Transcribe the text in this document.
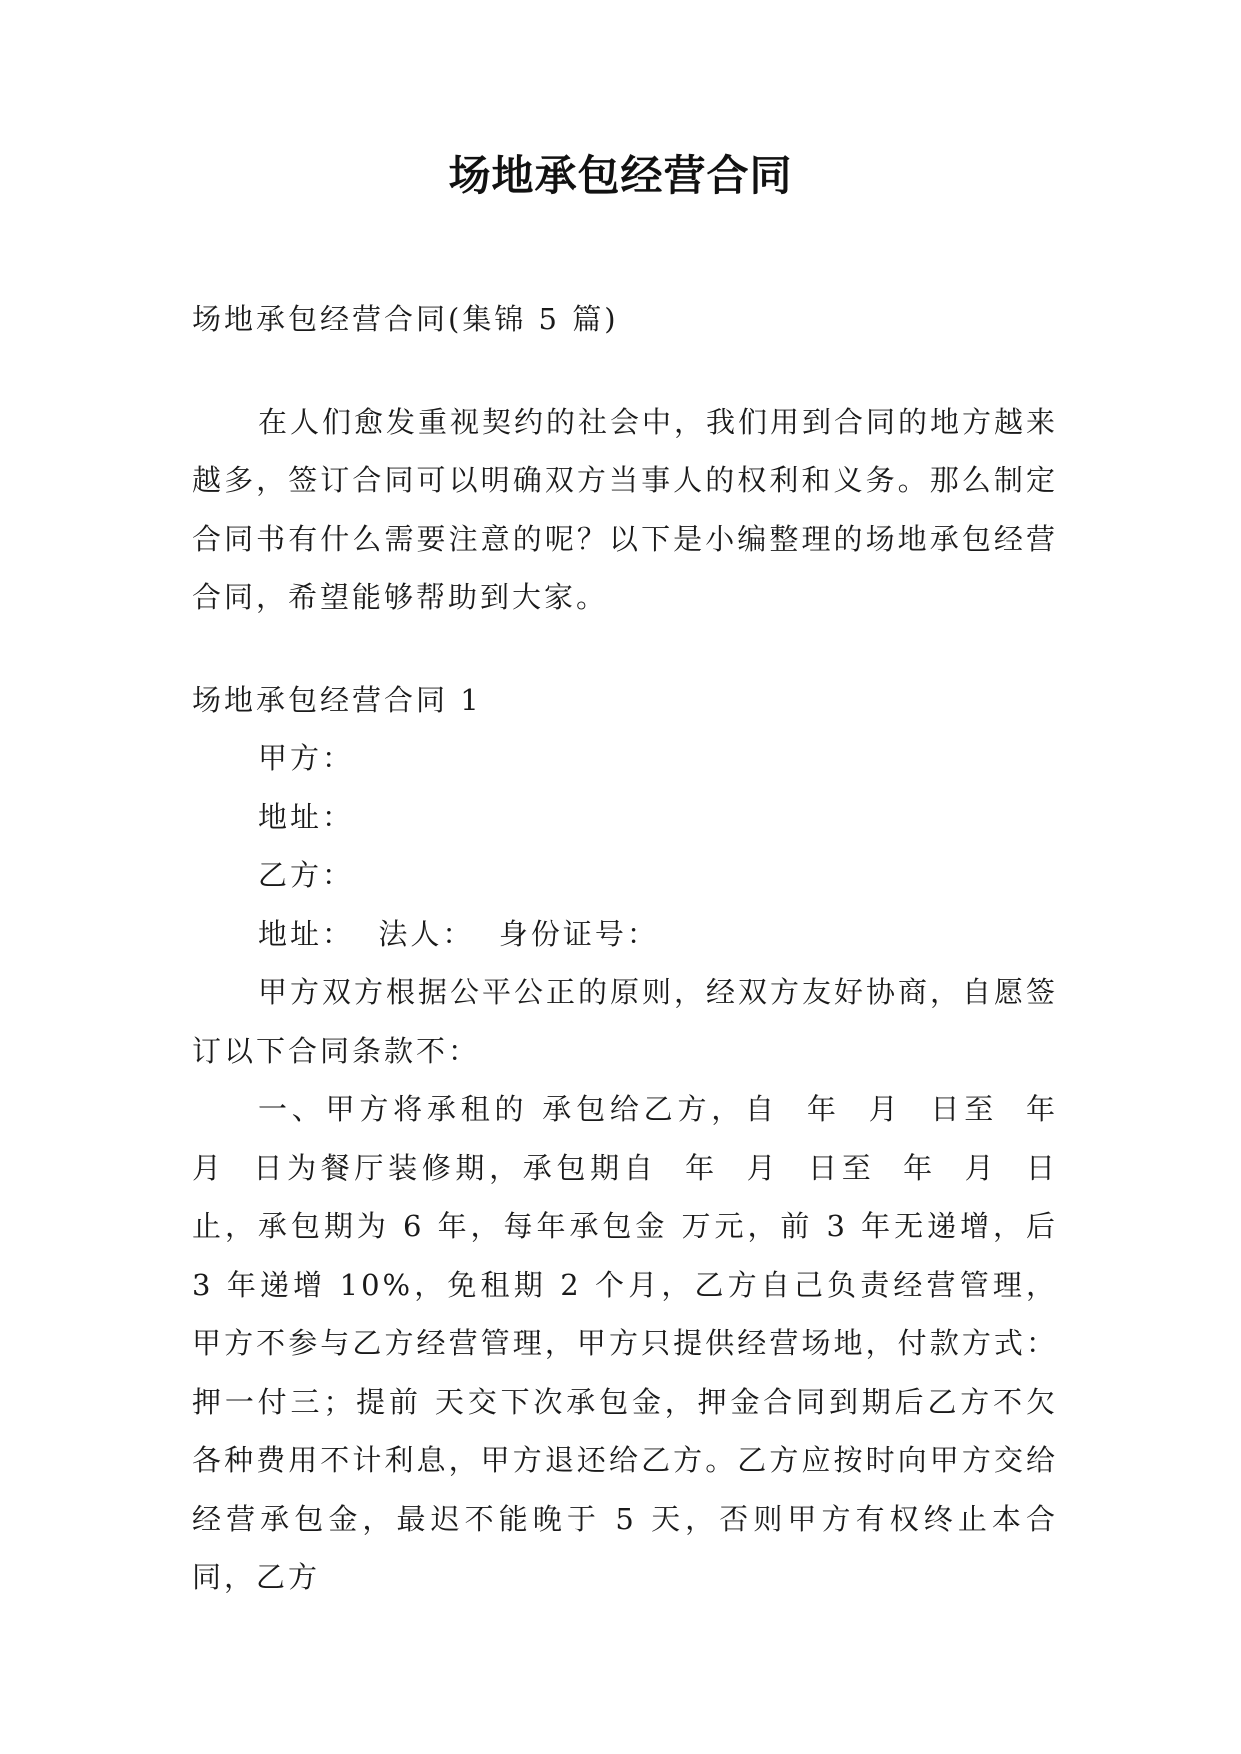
场地承包经营合同

场地承包经营合同(集锦 5 篇)

在人们愈发重视契约的社会中，我们用到合同的地方越来越多，签订合同可以明确双方当事人的权利和义务。那么制定合同书有什么需要注意的呢？以下是小编整理的场地承包经营合同，希望能够帮助到大家。

场地承包经营合同 1

甲方：

地址：

乙方：

地址：  法人：  身份证号：

甲方双方根据公平公正的原则，经双方友好协商，自愿签订以下合同条款不：

一、甲方将承租的 承包给乙方，自  年  月  日至  年  月  日为餐厅装修期，承包期自  年  月  日至  年  月  日止，承包期为 6 年，每年承包金 万元，前 3 年无递增，后 3 年递增 10%，免租期 2 个月，乙方自己负责经营管理，甲方不参与乙方经营管理，甲方只提供经营场地，付款方式：押一付三；提前 天交下次承包金，押金合同到期后乙方不欠各种费用不计利息，甲方退还给乙方。乙方应按时向甲方交给经营承包金，最迟不能晚于 5 天，否则甲方有权终止本合同，乙方
